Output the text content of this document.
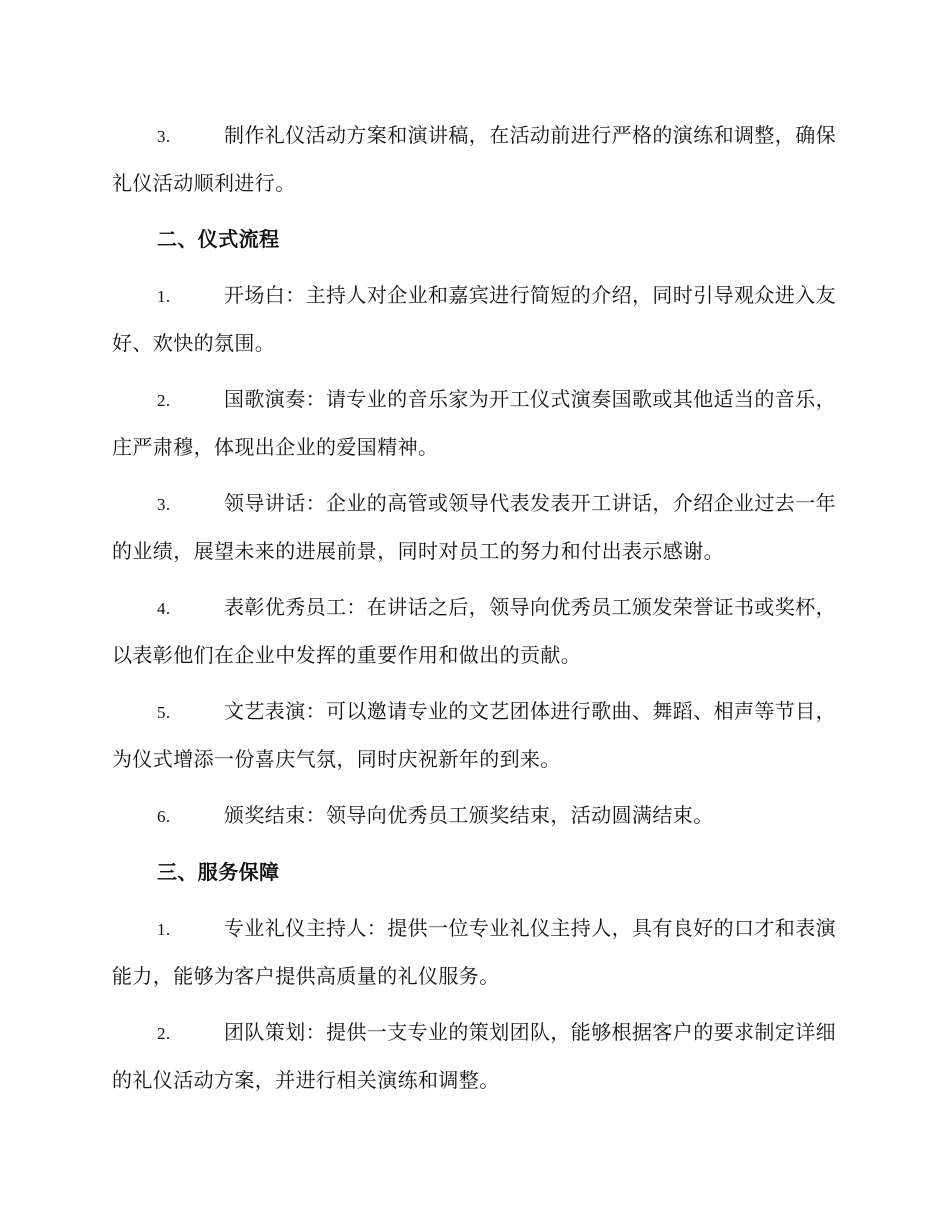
3.	制作礼仪活动方案和演讲稿，在活动前进行严格的演练和调整，确保礼仪活动顺利进行。

二、仪式流程

1.	开场白：主持人对企业和嘉宾进行简短的介绍，同时引导观众进入友好、欢快的氛围。

2.	国歌演奏：请专业的音乐家为开工仪式演奏国歌或其他适当的音乐，庄严肃穆，体现出企业的爱国精神。

3.	领导讲话：企业的高管或领导代表发表开工讲话，介绍企业过去一年的业绩，展望未来的进展前景，同时对员工的努力和付出表示感谢。

4.	表彰优秀员工：在讲话之后，领导向优秀员工颁发荣誉证书或奖杯，以表彰他们在企业中发挥的重要作用和做出的贡献。

5.	文艺表演：可以邀请专业的文艺团体进行歌曲、舞蹈、相声等节目，为仪式增添一份喜庆气氛，同时庆祝新年的到来。

6.	颁奖结束：领导向优秀员工颁奖结束，活动圆满结束。

三、服务保障

1.	专业礼仪主持人：提供一位专业礼仪主持人，具有良好的口才和表演能力，能够为客户提供高质量的礼仪服务。

2.	团队策划：提供一支专业的策划团队，能够根据客户的要求制定详细的礼仪活动方案，并进行相关演练和调整。
